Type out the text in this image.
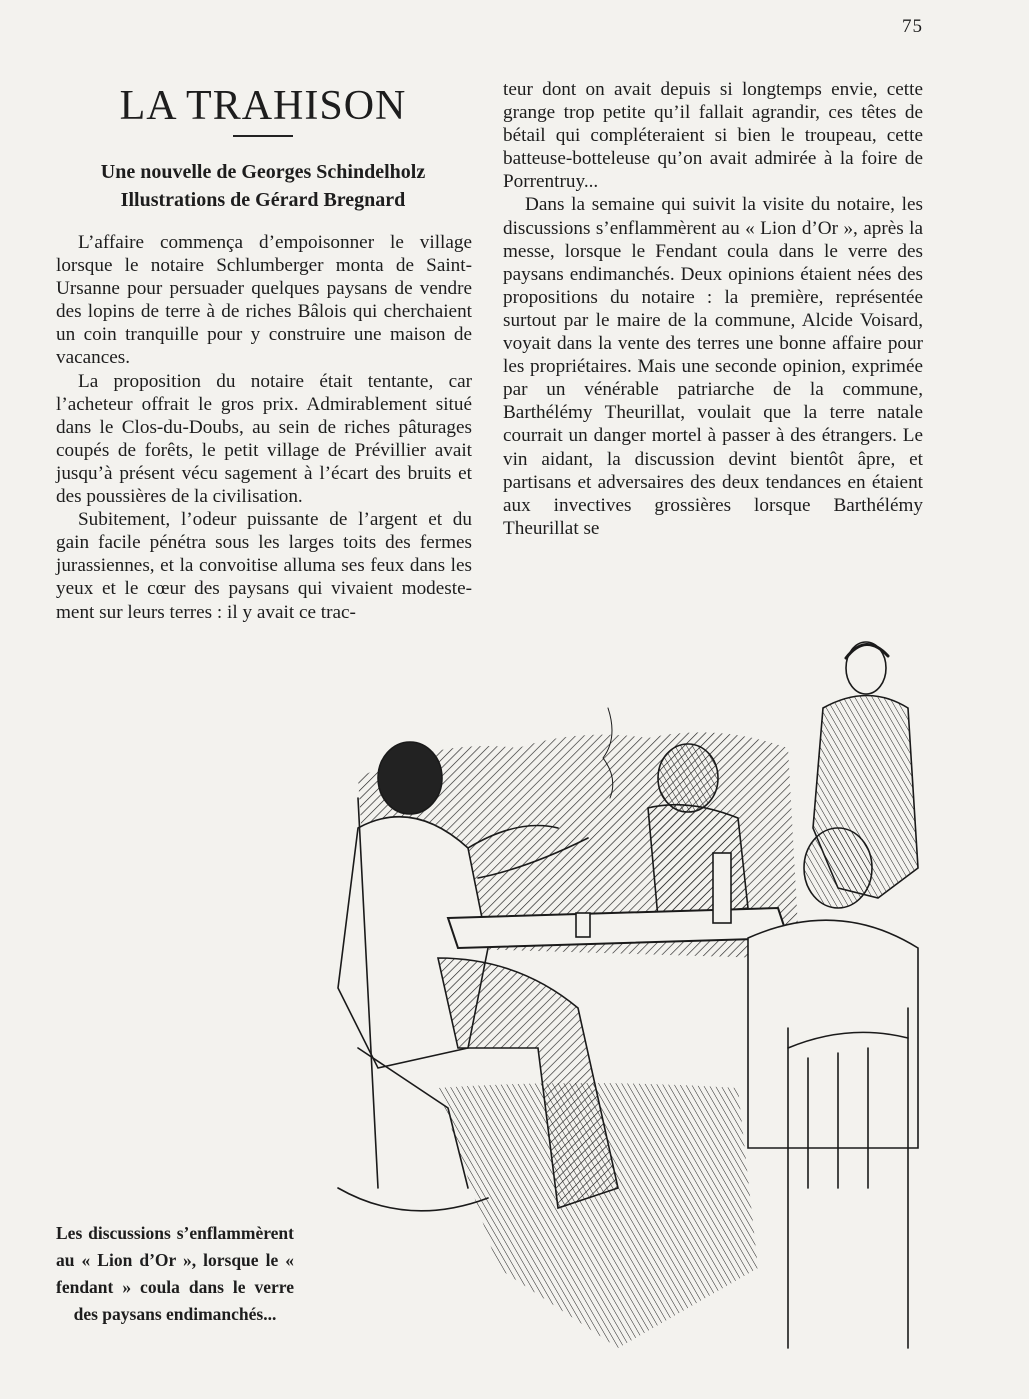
75
LA TRAHISON
Une nouvelle de Georges Schindelholz
Illustrations de Gérard Bregnard

L’affaire commença d’empoisonner le village lorsque le notaire Schlumberger monta de Saint-Ursanne pour persuader quelques paysans de vendre des lopins de terre à de riches Bâlois qui cherchaient un coin tranquille pour y construire une maison de vacances.

La proposition du notaire était tentante, car l’acheteur offrait le gros prix. Admirablement situé dans le Clos-du-Doubs, au sein de riches pâturages coupés de forêts, le petit village de Prévillier avait jusqu’à présent vécu sagement à l’écart des bruits et des poussières de la civilisation.

Subitement, l’odeur puissante de l’argent et du gain facile pénétra sous les larges toits des fermes jurassiennes, et la convoitise alluma ses feux dans les yeux et le cœur des paysans qui vivaient modestement sur leurs terres : il y avait ce trac-

teur dont on avait depuis si longtemps envie, cette grange trop petite qu’il fallait agrandir, ces têtes de bétail qui compléteraient si bien le troupeau, cette batteuse-botteleuse qu’on avait admirée à la foire de Porrentruy...

Dans la semaine qui suivit la visite du notaire, les discussions s’enflammèrent au « Lion d’Or », après la messe, lorsque le Fendant coula dans le verre des paysans endimanchés. Deux opinions étaient nées des propositions du notaire : la première, représentée surtout par le maire de la commune, Alcide Voisard, voyait dans la vente des terres une bonne affaire pour les propriétaires. Mais une seconde opinion, exprimée par un vénérable patriarche de la commune, Barthélémy Theurillat, voulait que la terre natale courrait un danger mortel à passer à des étrangers. Le vin aidant, la discussion devint bientôt âpre, et partisans et adversaires des deux tendances en étaient aux invectives grossières lorsque Barthélémy Theurillat se

Les discussions s’enflammèrent au « Lion d’Or », lorsque le « fendant » coula dans le verre des paysans endimanchés...
